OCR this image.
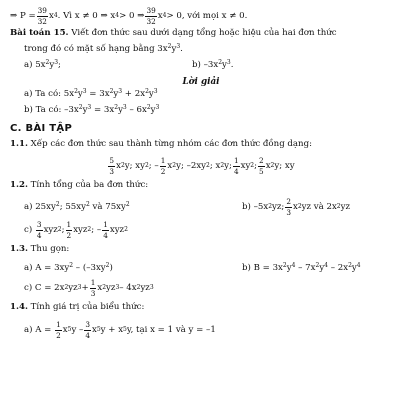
⇒
$P = \frac{39}{32}$ x 4 . Vì x ≠ 0 ⇒ x 4 > 0 ⇒ $\frac{39}{32}$ x 4 > 0, với mọi x ≠ 0.
Bài toán 15. Viết đơn thức sau dưới dạng tổng hoặc hiệu của hai đơn thức
trong đó có mặt số hạng bằng $3x^2y^3$.
a) $5x^2y^3$;	b) $-3x^2y^3$.
Lời giải
a) Ta có: $5x^2y^3 = 3x^2y^3 + 2x^2y^3$
b) Ta có: $-3x^2y^3 = 3x^2y^3 - 6x^2y^3$
C. BÀI TẬP
1.1. Xếp các đơn thức sau thành từng nhóm các đơn thức đồng dạng:
$\frac{5}{3}$ x 2 y ; xy 2 ; – $\frac{1}{2}$ x 2 y ; –2xy 2 ; x 2 y; $\frac{1}{4}$ xy 2 ; $\frac{2}{5}$ x 2 y; xy
1.2. Tính tổng của ba đơn thức:
a) $25xy^2$; $55xy^2$ và $75xy^2$	b) –5x 2 yz; $\frac{2}{3}$ x 2 yz và 2x 2 yz
c)
$\frac{3}{4}$ xyz 2 ; $\frac{1}{2}$ xyz 2 ; – $\frac{1}{4}$ xyz 2
1.3. Thu gọn:
a) $A = 3xy^2 - (-3xy^2)$	b) $B = 3x^2y^4 - 7x^2y^4 - 2x^2y^4$
c) C = 2x 2 yz $3 + \frac{1}{3}$ x 2 yz 3 – 4x 2 yz 3
1.4. Tính giá trị của biểu thức:
a) A =
$\frac{1}{2}$ x 5 y – $\frac{3}{4}$ x 5 y + x 5 y, tại x = 1 và y = –1
